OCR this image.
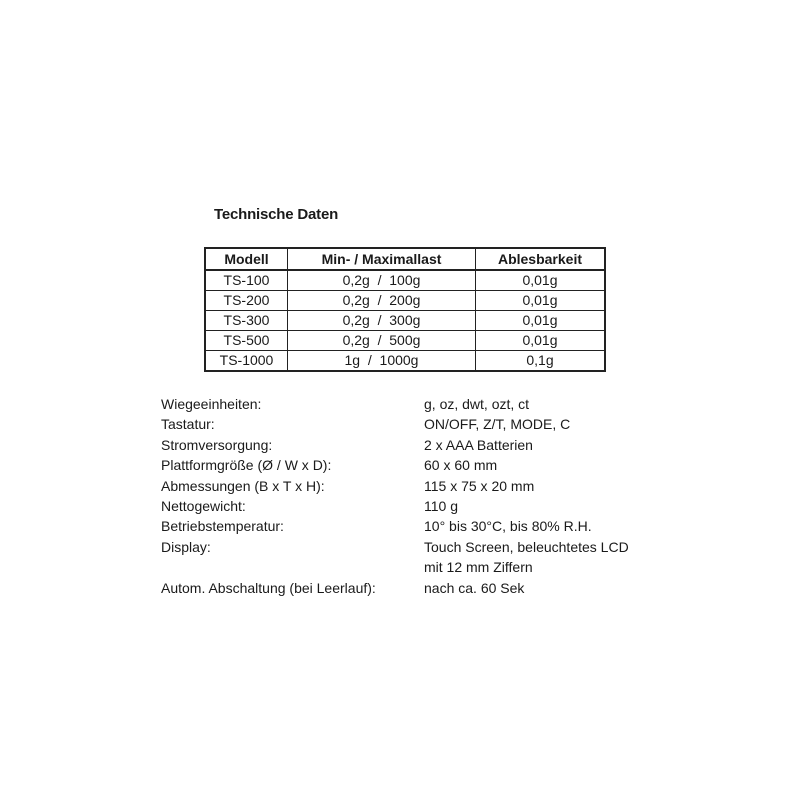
Technische Daten
Modell	Min- / Maximallast	Ablesbarkeit
TS-100	0,2g  /  100g	0,01g
TS-200	0,2g  /  200g	0,01g
TS-300	0,2g  /  300g	0,01g
TS-500	0,2g  /  500g	0,01g
TS-1000	1g  /  1000g	0,1g
Wiegeeinheiten:	g, oz, dwt, ozt, ct
Tastatur:	ON/OFF, Z/T, MODE, C
Stromversorgung:	2 x AAA Batterien
Plattformgröße (Ø / W x D):	60 x 60 mm
Abmessungen (B x T x H):	115 x 75 x 20 mm
Nettogewicht:	110 g
Betriebstemperatur:	10° bis 30°C, bis 80% R.H.
Display:	Touch Screen, beleuchtetes LCD
mit 12 mm Ziffern
Autom. Abschaltung (bei Leerlauf):	nach ca. 60 Sek
